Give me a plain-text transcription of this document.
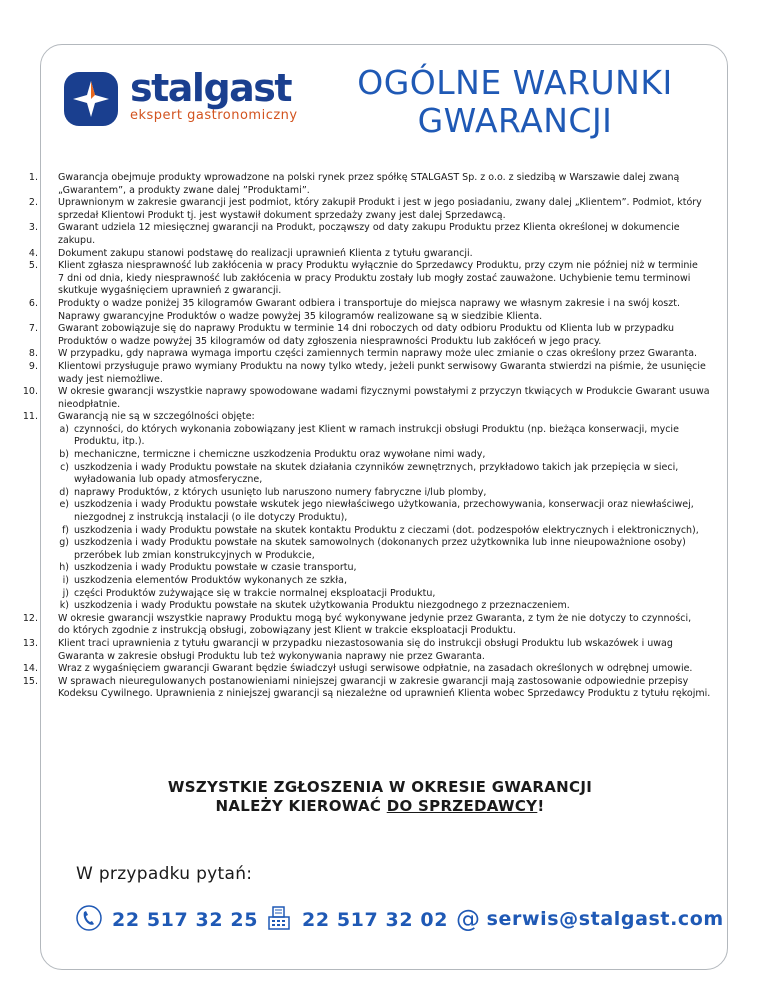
stalgast
ekspert gastronomiczny
OGÓLNE WARUNKI
GWARANCJI
1. Gwarancja obejmuje produkty wprowadzone na polski rynek przez spółkę STALGAST Sp. z o.o. z siedzibą w Warszawie dalej zwaną
„Gwarantem”, a produkty zwane dalej ”Produktami”.
2. Uprawnionym w zakresie gwarancji jest podmiot, który zakupił Produkt i jest w jego posiadaniu, zwany dalej „Klientem”. Podmiot, który
sprzedał Klientowi Produkt tj. jest wystawił dokument sprzedaży zwany jest dalej Sprzedawcą.
3. Gwarant udziela 12 miesięcznej gwarancji na Produkt, począwszy od daty zakupu Produktu przez Klienta określonej w dokumencie
zakupu.
4. Dokument zakupu stanowi podstawę do realizacji uprawnień Klienta z tytułu gwarancji.
5. Klient zgłasza niesprawność lub zakłócenia w pracy Produktu wyłącznie do Sprzedawcy Produktu, przy czym nie później niż w terminie
7 dni od dnia, kiedy niesprawność lub zakłócenia w pracy Produktu zostały lub mogły zostać zauważone. Uchybienie temu terminowi
skutkuje wygaśnięciem uprawnień z gwarancji.
6. Produkty o wadze poniżej 35 kilogramów Gwarant odbiera i transportuje do miejsca naprawy we własnym zakresie i na swój koszt.
Naprawy gwarancyjne Produktów o wadze powyżej 35 kilogramów realizowane są w siedzibie Klienta.
7. Gwarant zobowiązuje się do naprawy Produktu w terminie 14 dni roboczych od daty odbioru Produktu od Klienta lub w przypadku
Produktów o wadze powyżej 35 kilogramów od daty zgłoszenia niesprawności Produktu lub zakłóceń w jego pracy.
8. W przypadku, gdy naprawa wymaga importu części zamiennych termin naprawy może ulec zmianie o czas określony przez Gwaranta.
9. Klientowi przysługuje prawo wymiany Produktu na nowy tylko wtedy, jeżeli punkt serwisowy Gwaranta stwierdzi na piśmie, że usunięcie
wady jest niemożliwe.
10. W okresie gwarancji wszystkie naprawy spowodowane wadami fizycznymi powstałymi z przyczyn tkwiących w Produkcie Gwarant usuwa
nieodpłatnie.
11. Gwarancją nie są w szczególności objęte:
a) czynności, do których wykonania zobowiązany jest Klient w ramach instrukcji obsługi Produktu (np. bieżąca konserwacji, mycie
Produktu, itp.).
b) mechaniczne, termiczne i chemiczne uszkodzenia Produktu oraz wywołane nimi wady,
c) uszkodzenia i wady Produktu powstałe na skutek działania czynników zewnętrznych, przykładowo takich jak przepięcia w sieci,
wyładowania lub opady atmosferyczne,
d) naprawy Produktów, z których usunięto lub naruszono numery fabryczne i/lub plomby,
e) uszkodzenia i wady Produktu powstałe wskutek jego niewłaściwego użytkowania, przechowywania, konserwacji oraz niewłaściwej,
niezgodnej z instrukcją instalacji (o ile dotyczy Produktu),
f) uszkodzenia i wady Produktu powstałe na skutek kontaktu Produktu z cieczami (dot. podzespołów elektrycznych i elektronicznych),
g) uszkodzenia i wady Produktu powstałe na skutek samowolnych (dokonanych przez użytkownika lub inne nieupoważnione osoby)
przeróbek lub zmian konstrukcyjnych w Produkcie,
h) uszkodzenia i wady Produktu powstałe w czasie transportu,
i) uszkodzenia elementów Produktów wykonanych ze szkła,
j) części Produktów zużywające się w trakcie normalnej eksploatacji Produktu,
k) uszkodzenia i wady Produktu powstałe na skutek użytkowania Produktu niezgodnego z przeznaczeniem.
12. W okresie gwarancji wszystkie naprawy Produktu mogą być wykonywane jedynie przez Gwaranta, z tym że nie dotyczy to czynności,
do których zgodnie z instrukcją obsługi, zobowiązany jest Klient w trakcie eksploatacji Produktu.
13. Klient traci uprawnienia z tytułu gwarancji w przypadku niezastosowania się do instrukcji obsługi Produktu lub wskazówek i uwag
Gwaranta w zakresie obsługi Produktu lub też wykonywania naprawy nie przez Gwaranta.
14. Wraz z wygaśnięciem gwarancji Gwarant będzie świadczył usługi serwisowe odpłatnie, na zasadach określonych w odrębnej umowie.
15. W sprawach nieuregulowanych postanowieniami niniejszej gwarancji w zakresie gwarancji mają zastosowanie odpowiednie przepisy
Kodeksu Cywilnego. Uprawnienia z niniejszej gwarancji są niezależne od uprawnień Klienta wobec Sprzedawcy Produktu z tytułu rękojmi.
WSZYSTKIE ZGŁOSZENIA W OKRESIE GWARANCJI
NALEŻY KIEROWAĆ DO SPRZEDAWCY!
W przypadku pytań:
22 517 32 25	22 517 32 02 @ serwis@stalgast.com
